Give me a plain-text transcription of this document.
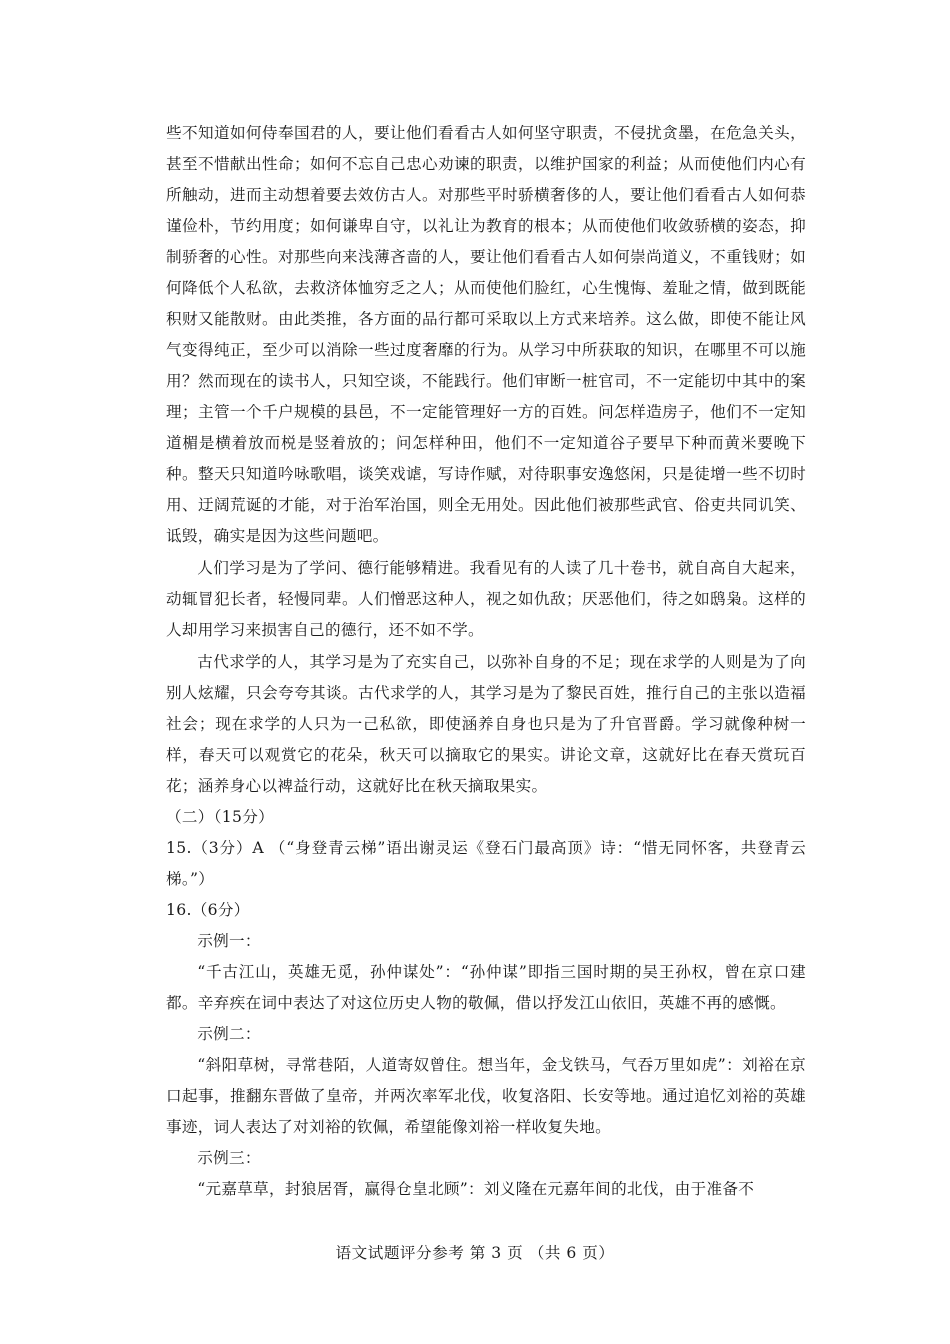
些不知道如何侍奉国君的人，要让他们看看古人如何坚守职责，不侵扰贪墨，在危急关头，甚至不惜献出性命；如何不忘自己忠心劝谏的职责，以维护国家的利益；从而使他们内心有所触动，进而主动想着要去效仿古人。对那些平时骄横奢侈的人，要让他们看看古人如何恭谨俭朴，节约用度；如何谦卑自守，以礼让为教育的根本；从而使他们收敛骄横的姿态，抑制骄奢的心性。对那些向来浅薄吝啬的人，要让他们看看古人如何崇尚道义，不重钱财；如何降低个人私欲，去救济体恤穷乏之人；从而使他们脸红，心生愧悔、羞耻之情，做到既能积财又能散财。由此类推，各方面的品行都可采取以上方式来培养。这么做，即使不能让风气变得纯正，至少可以消除一些过度奢靡的行为。从学习中所获取的知识，在哪里不可以施用？然而现在的读书人，只知空谈，不能践行。他们审断一桩官司，不一定能切中其中的案理；主管一个千户规模的县邑，不一定能管理好一方的百姓。问怎样造房子，他们不一定知道楣是横着放而棁是竖着放的；问怎样种田，他们不一定知道谷子要早下种而黄米要晚下种。整天只知道吟咏歌唱，谈笑戏谑，写诗作赋，对待职事安逸悠闲，只是徒增一些不切时用、迂阔荒诞的才能，对于治军治国，则全无用处。因此他们被那些武官、俗吏共同讥笑、诋毁，确实是因为这些问题吧。

人们学习是为了学问、德行能够精进。我看见有的人读了几十卷书，就自高自大起来，动辄冒犯长者，轻慢同辈。人们憎恶这种人，视之如仇敌；厌恶他们，待之如鸱枭。这样的人却用学习来损害自己的德行，还不如不学。

古代求学的人，其学习是为了充实自己，以弥补自身的不足；现在求学的人则是为了向别人炫耀，只会夸夸其谈。古代求学的人，其学习是为了黎民百姓，推行自己的主张以造福社会；现在求学的人只为一己私欲，即使涵养自身也只是为了升官晋爵。学习就像种树一样，春天可以观赏它的花朵，秋天可以摘取它的果实。讲论文章，这就好比在春天赏玩百花；涵养身心以裨益行动，这就好比在秋天摘取果实。

（二）（15分）

15.（3分）A （“身登青云梯”语出谢灵运《登石门最高顶》诗：“惜无同怀客，共登青云梯。”）

16.（6分）

示例一：

“千古江山，英雄无觅，孙仲谋处”：“孙仲谋”即指三国时期的吴王孙权，曾在京口建都。辛弃疾在词中表达了对这位历史人物的敬佩，借以抒发江山依旧，英雄不再的感慨。

示例二：

“斜阳草树，寻常巷陌，人道寄奴曾住。想当年，金戈铁马，气吞万里如虎”：刘裕在京口起事，推翻东晋做了皇帝，并两次率军北伐，收复洛阳、长安等地。通过追忆刘裕的英雄事迹，词人表达了对刘裕的钦佩，希望能像刘裕一样收复失地。

示例三：

“元嘉草草，封狼居胥，赢得仓皇北顾”：刘义隆在元嘉年间的北伐，由于准备不

语文试题评分参考 第 3 页 （共 6 页）
